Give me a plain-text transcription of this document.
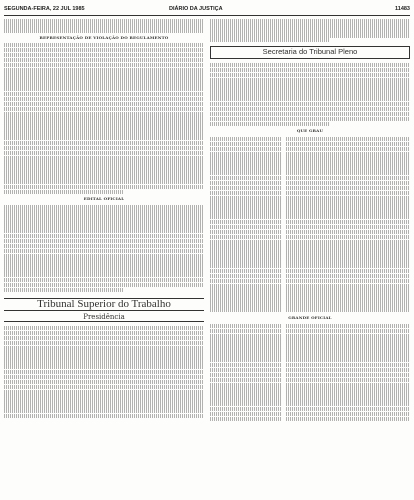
SEGUNDA-FEIRA, 22 JUL 1985	DIÁRIO DA JUSTIÇA	11483
REPRESENTAÇÃO DE VIOLAÇÃO DO REGULAMENTO
EDITAL OFICIAL
Tribunal Superior do Trabalho
Presidência
Secretaria do Tribunal Pleno
QUE GRAU
GRANDE OFICIAL
